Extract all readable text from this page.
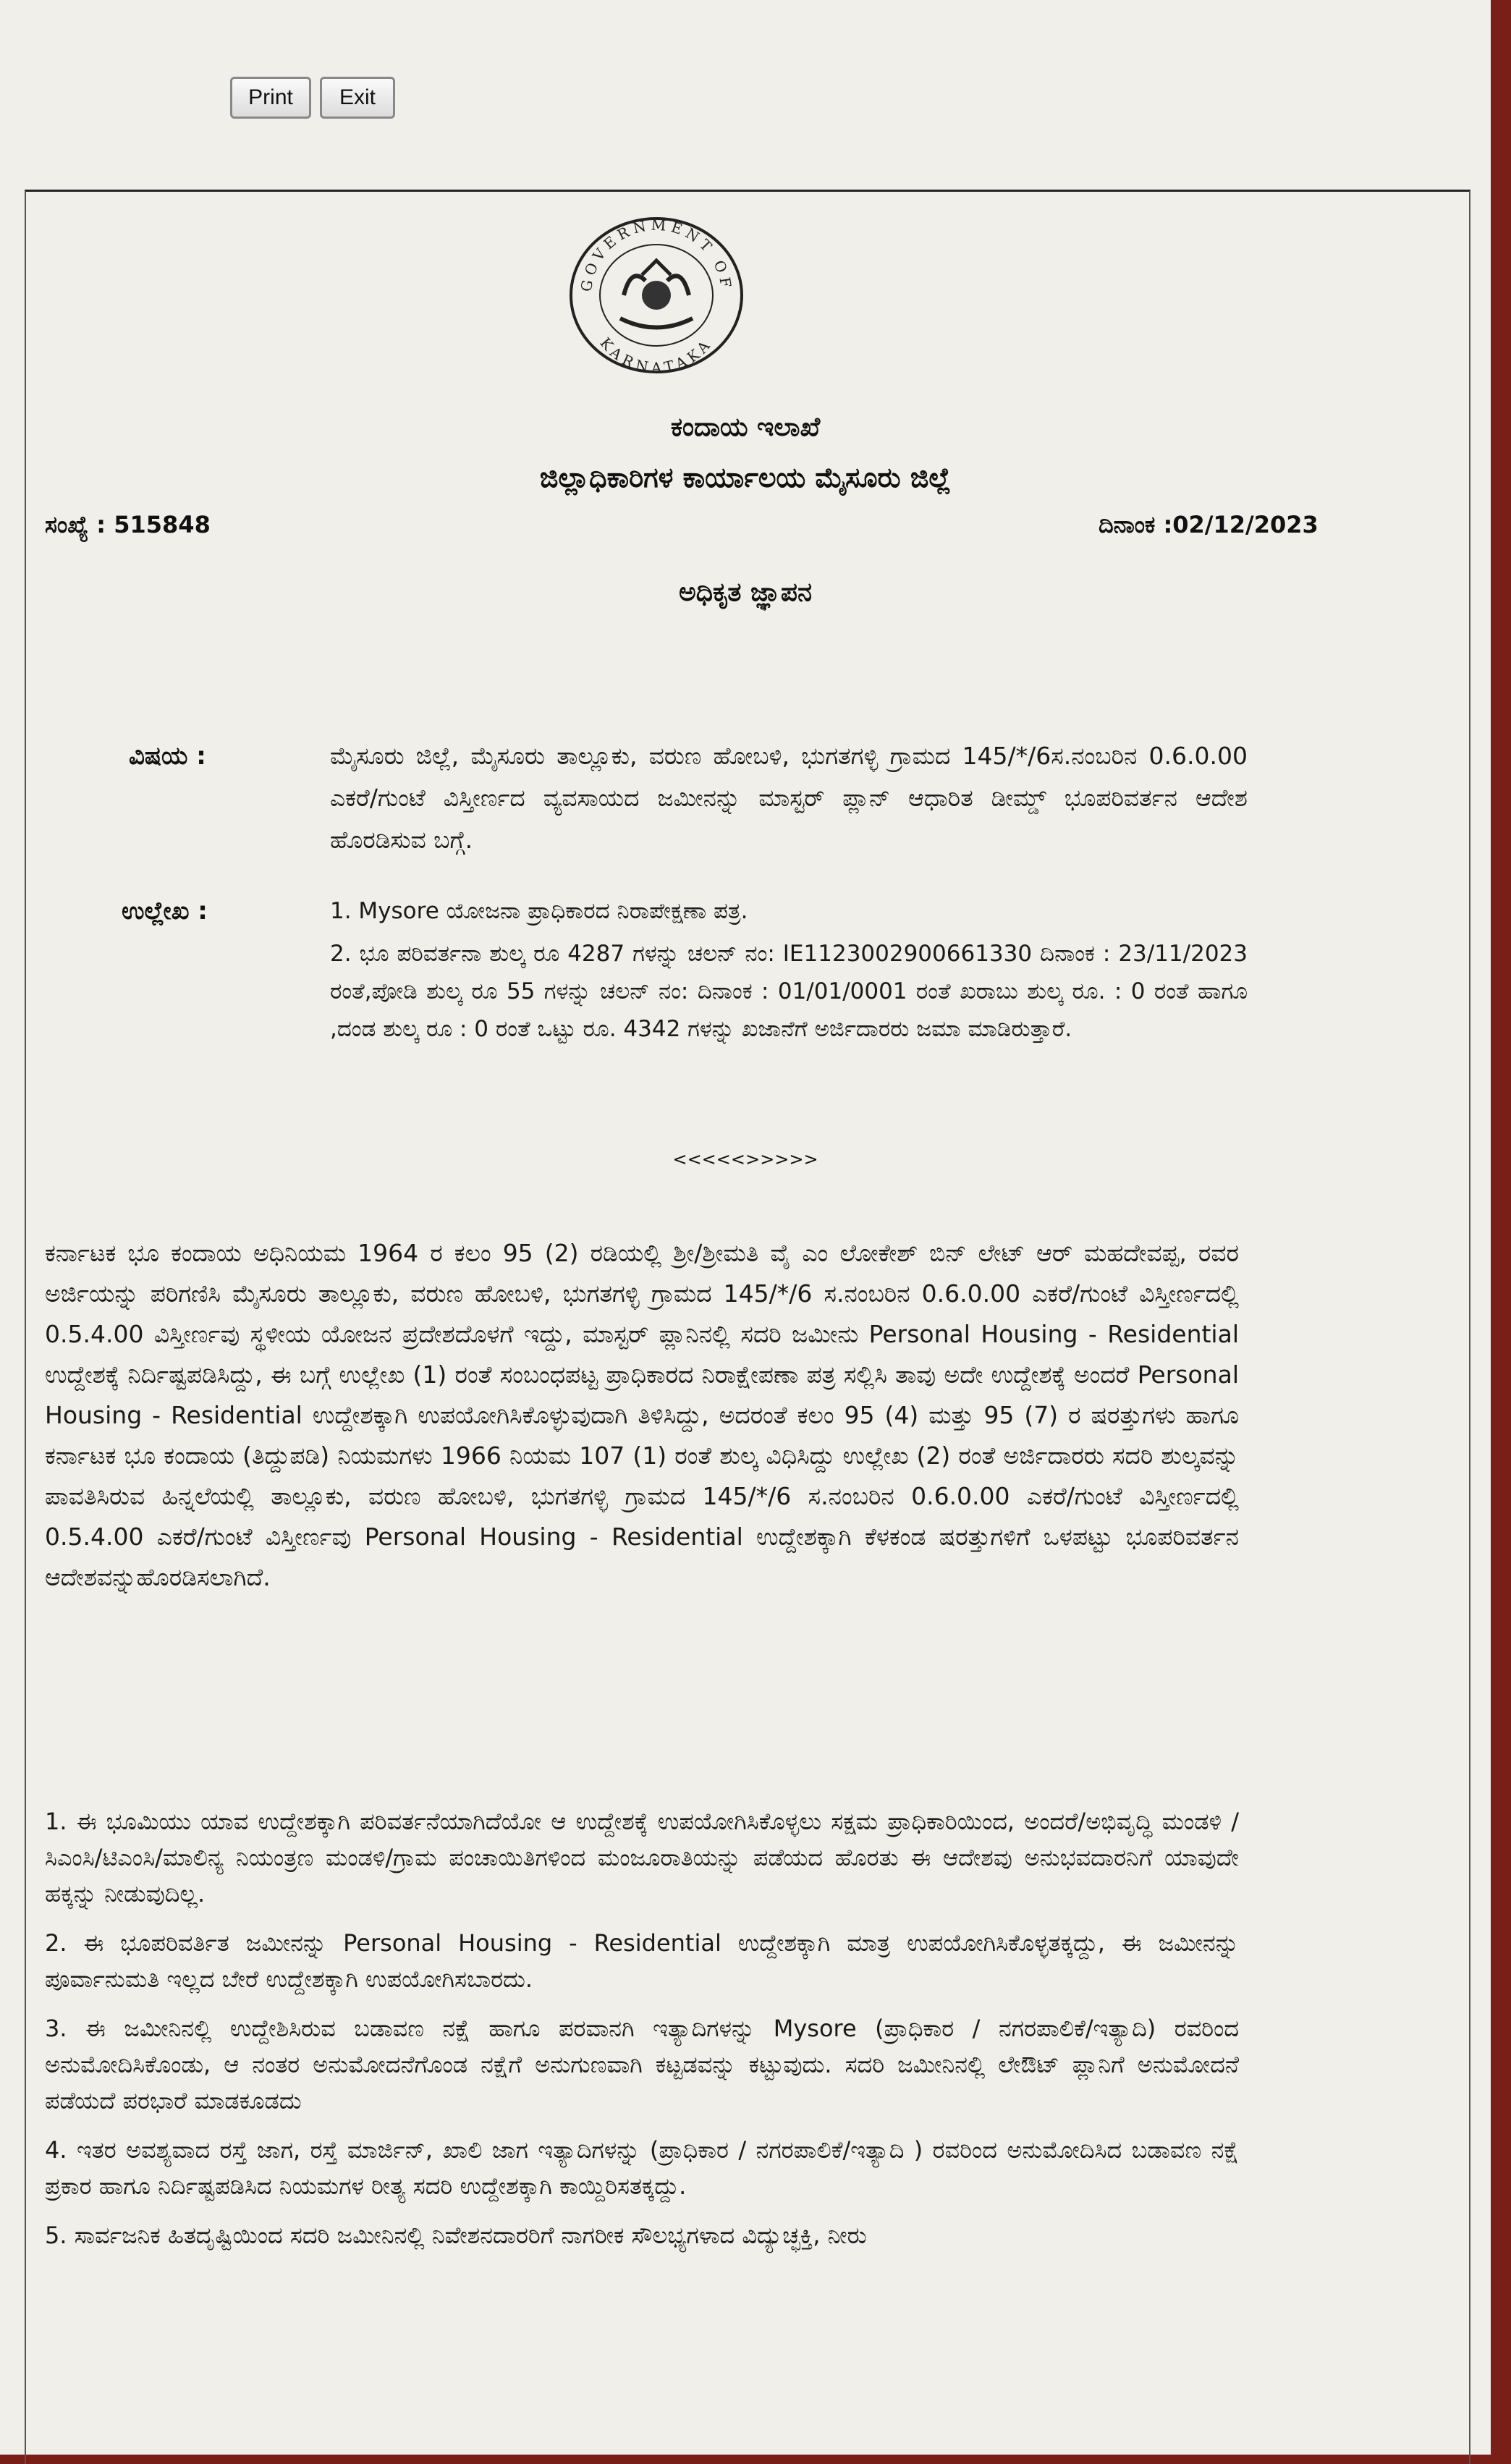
Print	Exit
GOVERNMENT OF
KARNATAKA
ಕಂದಾಯ ಇಲಾಖೆ
ಜಿಲ್ಲಾಧಿಕಾರಿಗಳ ಕಾರ್ಯಾಲಯ ಮೈಸೂರು ಜಿಲ್ಲೆ
ಸಂಖ್ಯೆ : 515848	ದಿನಾಂಕ :02/12/2023
ಅಧಿಕೃತ ಜ್ಞಾಪನ
ವಿಷಯ :	ಮೈಸೂರು ಜಿಲ್ಲೆ, ಮೈಸೂರು ತಾಲ್ಲೂಕು, ವರುಣ ಹೋಬಳಿ, ಭುಗತಗಳ್ಳಿ ಗ್ರಾಮದ 145/*/6ಸ.ನಂಬರಿನ 0.6.0.00 ಎಕರೆ/ಗುಂಟೆ ವಿಸ್ತೀರ್ಣದ ವ್ಯವಸಾಯದ ಜಮೀನನ್ನು ಮಾಸ್ಟರ್ ಪ್ಲಾನ್ ಆಧಾರಿತ ಡೀಮ್ಡ್ ಭೂಪರಿವರ್ತನ ಆದೇಶ ಹೊರಡಿಸುವ ಬಗ್ಗೆ.

ಉಲ್ಲೇಖ :	1. Mysore ಯೋಜನಾ ಪ್ರಾಧಿಕಾರದ ನಿರಾಪೇಕ್ಷಣಾ ಪತ್ರ.

2. ಭೂ ಪರಿವರ್ತನಾ ಶುಲ್ಕ ರೂ 4287 ಗಳನ್ನು ಚಲನ್ ನಂ: IE1123002900661330 ದಿನಾಂಕ : 23/11/2023 ರಂತೆ,ಪೋಡಿ ಶುಲ್ಕ ರೂ 55 ಗಳನ್ನು ಚಲನ್ ನಂ: ದಿನಾಂಕ : 01/01/0001 ರಂತೆ ಖರಾಬು ಶುಲ್ಕ ರೂ. : 0 ರಂತೆ ಹಾಗೂ ,ದಂಡ ಶುಲ್ಕ ರೂ : 0 ರಂತೆ ಒಟ್ಟು ರೂ. 4342 ಗಳನ್ನು ಖಜಾನೆಗೆ ಅರ್ಜಿದಾರರು ಜಮಾ ಮಾಡಿರುತ್ತಾರೆ.

<<<<<>>>>>

ಕರ್ನಾಟಕ ಭೂ ಕಂದಾಯ ಅಧಿನಿಯಮ 1964 ರ ಕಲಂ 95 (2) ರಡಿಯಲ್ಲಿ ಶ್ರೀ/ಶ್ರೀಮತಿ ವೈ ಎಂ ಲೋಕೇಶ್ ಬಿನ್ ಲೇಟ್ ಆರ್ ಮಹದೇವಪ್ಪ, ರವರ ಅರ್ಜಿಯನ್ನು ಪರಿಗಣಿಸಿ ಮೈಸೂರು ತಾಲ್ಲೂಕು, ವರುಣ ಹೋಬಳಿ, ಭುಗತಗಳ್ಳಿ ಗ್ರಾಮದ 145/*/6 ಸ.ನಂಬರಿನ 0.6.0.00 ಎಕರೆ/ಗುಂಟೆ ವಿಸ್ತೀರ್ಣದಲ್ಲಿ 0.5.4.00 ವಿಸ್ತೀರ್ಣವು ಸ್ಥಳೀಯ ಯೋಜನ ಪ್ರದೇಶದೊಳಗೆ ಇದ್ದು, ಮಾಸ್ಟರ್ ಪ್ಲಾನಿನಲ್ಲಿ ಸದರಿ ಜಮೀನು Personal Housing - Residential ಉದ್ದೇಶಕ್ಕೆ ನಿರ್ದಿಷ್ಟಪಡಿಸಿದ್ದು, ಈ ಬಗ್ಗೆ ಉಲ್ಲೇಖ (1) ರಂತೆ ಸಂಬಂಧಪಟ್ಟ ಪ್ರಾಧಿಕಾರದ ನಿರಾಕ್ಷೇಪಣಾ ಪತ್ರ ಸಲ್ಲಿಸಿ ತಾವು ಅದೇ ಉದ್ದೇಶಕ್ಕೆ ಅಂದರೆ Personal Housing - Residential ಉದ್ದೇಶಕ್ಕಾಗಿ ಉಪಯೋಗಿಸಿಕೊಳ್ಳುವುದಾಗಿ ತಿಳಿಸಿದ್ದು, ಅದರಂತೆ ಕಲಂ 95 (4) ಮತ್ತು 95 (7) ರ ಷರತ್ತುಗಳು ಹಾಗೂ ಕರ್ನಾಟಕ ಭೂ ಕಂದಾಯ (ತಿದ್ದುಪಡಿ) ನಿಯಮಗಳು 1966 ನಿಯಮ 107 (1) ರಂತೆ ಶುಲ್ಕ ವಿಧಿಸಿದ್ದು ಉಲ್ಲೇಖ (2) ರಂತೆ ಅರ್ಜಿದಾರರು ಸದರಿ ಶುಲ್ಕವನ್ನು ಪಾವತಿಸಿರುವ ಹಿನ್ನಲೆಯಲ್ಲಿ ತಾಲ್ಲೂಕು, ವರುಣ ಹೋಬಳಿ, ಭುಗತಗಳ್ಳಿ ಗ್ರಾಮದ 145/*/6 ಸ.ನಂಬರಿನ 0.6.0.00 ಎಕರೆ/ಗುಂಟೆ ವಿಸ್ತೀರ್ಣದಲ್ಲಿ 0.5.4.00 ಎಕರೆ/ಗುಂಟೆ ವಿಸ್ತೀರ್ಣವು Personal Housing - Residential ಉದ್ದೇಶಕ್ಕಾಗಿ ಕೆಳಕಂಡ ಷರತ್ತುಗಳಿಗೆ ಒಳಪಟ್ಟು ಭೂಪರಿವರ್ತನ ಆದೇಶವನ್ನುಹೊರಡಿಸಲಾಗಿದೆ.

1. ಈ ಭೂಮಿಯು ಯಾವ ಉದ್ದೇಶಕ್ಕಾಗಿ ಪರಿವರ್ತನೆಯಾಗಿದೆಯೋ ಆ ಉದ್ದೇಶಕ್ಕೆ ಉಪಯೋಗಿಸಿಕೊಳ್ಳಲು ಸಕ್ಷಮ ಪ್ರಾಧಿಕಾರಿಯಿಂದ, ಅಂದರೆ/ಅಭಿವೃದ್ಧಿ ಮಂಡಳಿ /ಸಿಎಂಸಿ/ಟಿಎಂಸಿ/ಮಾಲಿನ್ಯ ನಿಯಂತ್ರಣ ಮಂಡಳಿ/ಗ್ರಾಮ ಪಂಚಾಯಿತಿಗಳಿಂದ ಮಂಜೂರಾತಿಯನ್ನು ಪಡೆಯದ ಹೊರತು ಈ ಆದೇಶವು ಅನುಭವದಾರನಿಗೆ ಯಾವುದೇ ಹಕ್ಕನ್ನು ನೀಡುವುದಿಲ್ಲ.

2. ಈ ಭೂಪರಿವರ್ತಿತ ಜಮೀನನ್ನು Personal Housing - Residential ಉದ್ದೇಶಕ್ಕಾಗಿ ಮಾತ್ರ ಉಪಯೋಗಿಸಿಕೊಳ್ಳತಕ್ಕದ್ದು, ಈ ಜಮೀನನ್ನು ಪೂರ್ವಾನುಮತಿ ಇಲ್ಲದ ಬೇರೆ ಉದ್ದೇಶಕ್ಕಾಗಿ ಉಪಯೋಗಿಸಬಾರದು.

3. ಈ ಜಮೀನಿನಲ್ಲಿ ಉದ್ದೇಶಿಸಿರುವ ಬಡಾವಣ ನಕ್ಷೆ ಹಾಗೂ ಪರವಾನಗಿ ಇತ್ಯಾದಿಗಳನ್ನು Mysore (ಪ್ರಾಧಿಕಾರ / ನಗರಪಾಲಿಕೆ/ಇತ್ಯಾದಿ) ರವರಿಂದ ಅನುಮೋದಿಸಿಕೊಂಡು, ಆ ನಂತರ ಅನುಮೋದನೆಗೊಂಡ ನಕ್ಷೆಗೆ ಅನುಗುಣವಾಗಿ ಕಟ್ಟಡವನ್ನು ಕಟ್ಟುವುದು. ಸದರಿ ಜಮೀನಿನಲ್ಲಿ ಲೇಔಟ್ ಪ್ಲಾನಿಗೆ ಅನುಮೋದನೆ ಪಡೆಯದೆ ಪರಭಾರೆ ಮಾಡಕೂಡದು

4. ಇತರ ಅವಶ್ಯವಾದ ರಸ್ತೆ ಜಾಗ, ರಸ್ತೆ ಮಾರ್ಜಿನ್, ಖಾಲಿ ಜಾಗ ಇತ್ಯಾದಿಗಳನ್ನು (ಪ್ರಾಧಿಕಾರ / ನಗರಪಾಲಿಕೆ/ಇತ್ಯಾದಿ ) ರವರಿಂದ ಅನುಮೋದಿಸಿದ ಬಡಾವಣ ನಕ್ಷೆ ಪ್ರಕಾರ ಹಾಗೂ ನಿರ್ದಿಷ್ಟಪಡಿಸಿದ ನಿಯಮಗಳ ರೀತ್ಯ ಸದರಿ ಉದ್ದೇಶಕ್ಕಾಗಿ ಕಾಯ್ದಿರಿಸತಕ್ಕದ್ದು.

5. ಸಾರ್ವಜನಿಕ ಹಿತದೃಷ್ಟಿಯಿಂದ ಸದರಿ ಜಮೀನಿನಲ್ಲಿ ನಿವೇಶನದಾರರಿಗೆ ನಾಗರೀಕ ಸೌಲಭ್ಯಗಳಾದ ವಿದ್ಯುಚ್ಛಕ್ತಿ, ನೀರು
